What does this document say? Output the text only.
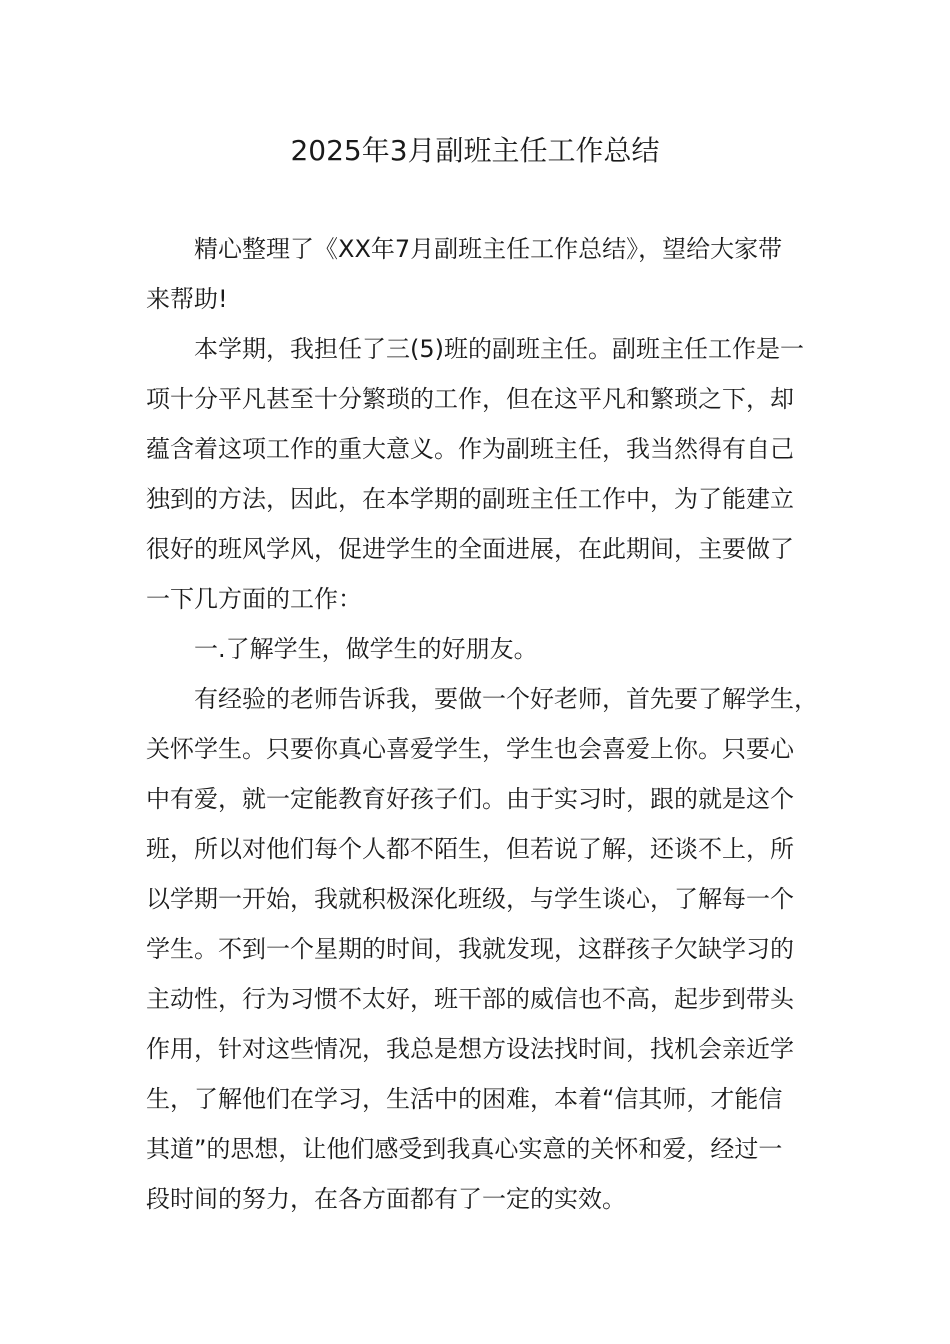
2025年3月副班主任工作总结
精心整理了《XX年7月副班主任工作总结》，望给大家带
来帮助!
本学期，我担任了三(5)班的副班主任。副班主任工作是一
项十分平凡甚至十分繁琐的工作，但在这平凡和繁琐之下，却
蕴含着这项工作的重大意义。作为副班主任，我当然得有自己
独到的方法，因此，在本学期的副班主任工作中，为了能建立
很好的班风学风，促进学生的全面进展，在此期间，主要做了
一下几方面的工作：
一.了解学生，做学生的好朋友。
有经验的老师告诉我，要做一个好老师，首先要了解学生，
关怀学生。只要你真心喜爱学生，学生也会喜爱上你。只要心
中有爱，就一定能教育好孩子们。由于实习时，跟的就是这个
班，所以对他们每个人都不陌生，但若说了解，还谈不上，所
以学期一开始，我就积极深化班级，与学生谈心，了解每一个
学生。不到一个星期的时间，我就发现，这群孩子欠缺学习的
主动性，行为习惯不太好，班干部的威信也不高，起步到带头
作用，针对这些情况，我总是想方设法找时间，找机会亲近学
生，了解他们在学习，生活中的困难，本着“信其师，才能信
其道”的思想，让他们感受到我真心实意的关怀和爱，经过一
段时间的努力，在各方面都有了一定的实效。
